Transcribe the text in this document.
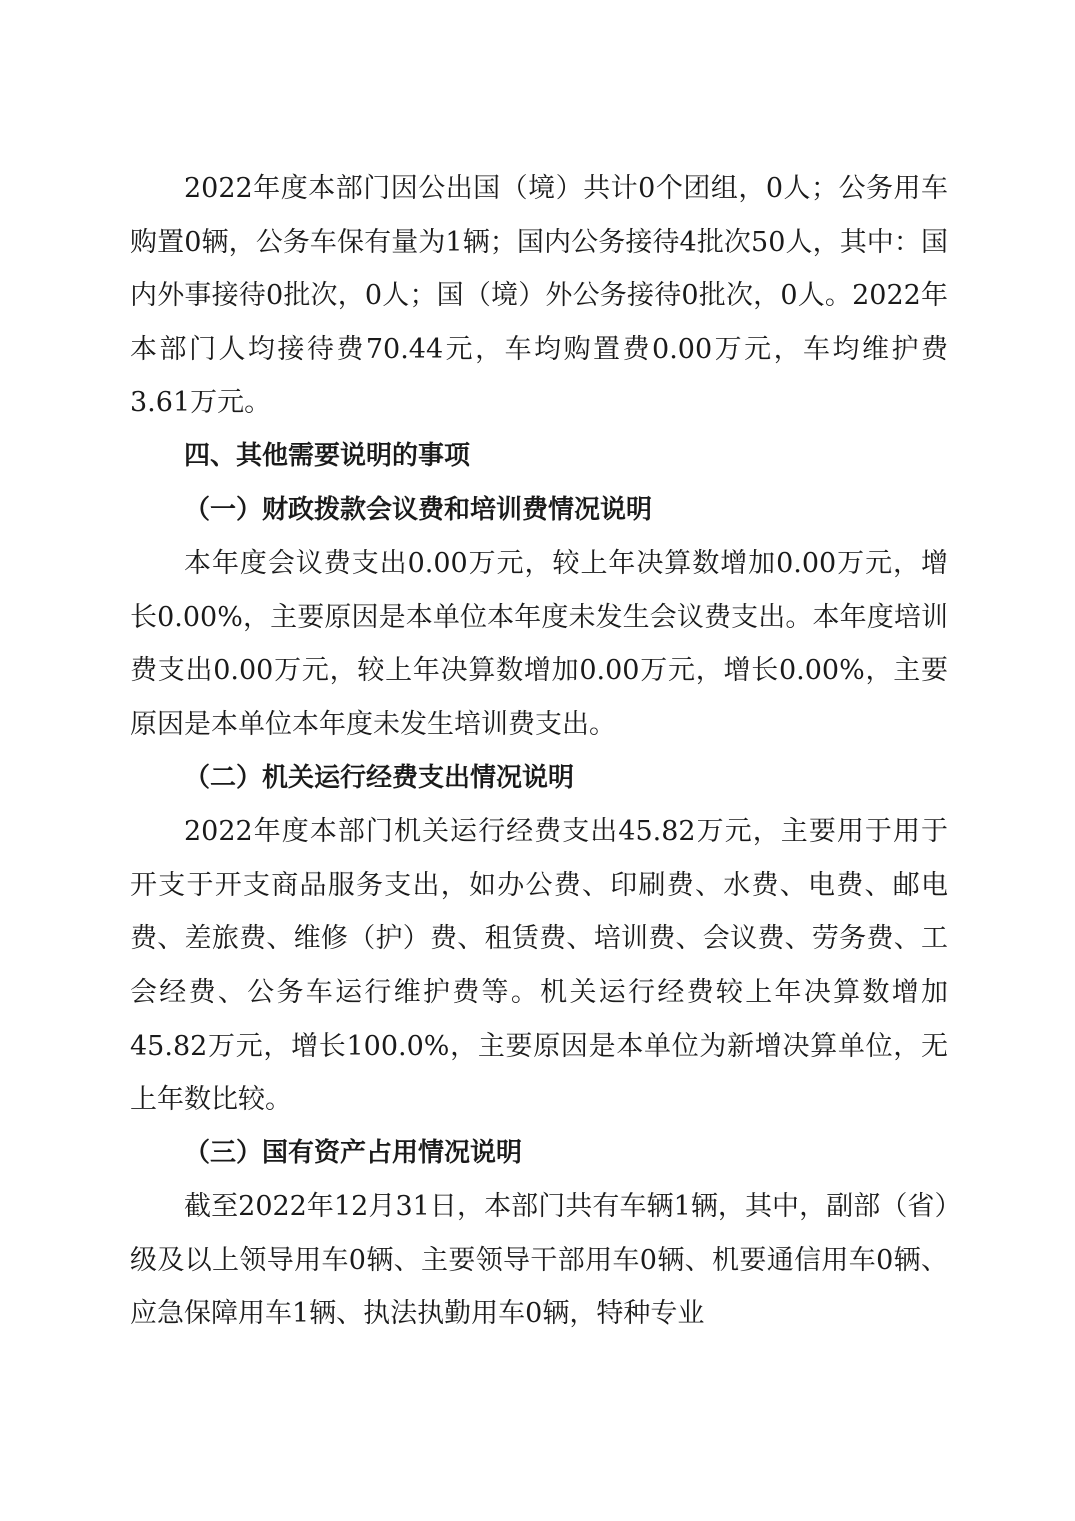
2022年度本部门因公出国（境）共计0个团组，0人；公务用车购置0辆，公务车保有量为1辆；国内公务接待4批次50人，其中：国内外事接待0批次，0人；国（境）外公务接待0批次，0人。2022年本部门人均接待费70.44元，车均购置费0.00万元，车均维护费3.61万元。

四、其他需要说明的事项

（一）财政拨款会议费和培训费情况说明

本年度会议费支出0.00万元，较上年决算数增加0.00万元，增长0.00%，主要原因是本单位本年度未发生会议费支出。本年度培训费支出0.00万元，较上年决算数增加0.00万元，增长0.00%，主要原因是本单位本年度未发生培训费支出。

（二）机关运行经费支出情况说明

2022年度本部门机关运行经费支出45.82万元，主要用于用于开支于开支商品服务支出，如办公费、印刷费、水费、电费、邮电费、差旅费、维修（护）费、租赁费、培训费、会议费、劳务费、工会经费、公务车运行维护费等。机关运行经费较上年决算数增加45.82万元，增长100.0%，主要原因是本单位为新增决算单位，无上年数比较。

（三）国有资产占用情况说明

截至2022年12月31日，本部门共有车辆1辆，其中，副部（省）级及以上领导用车0辆、主要领导干部用车0辆、机要通信用车0辆、应急保障用车1辆、执法执勤用车0辆，特种专业
